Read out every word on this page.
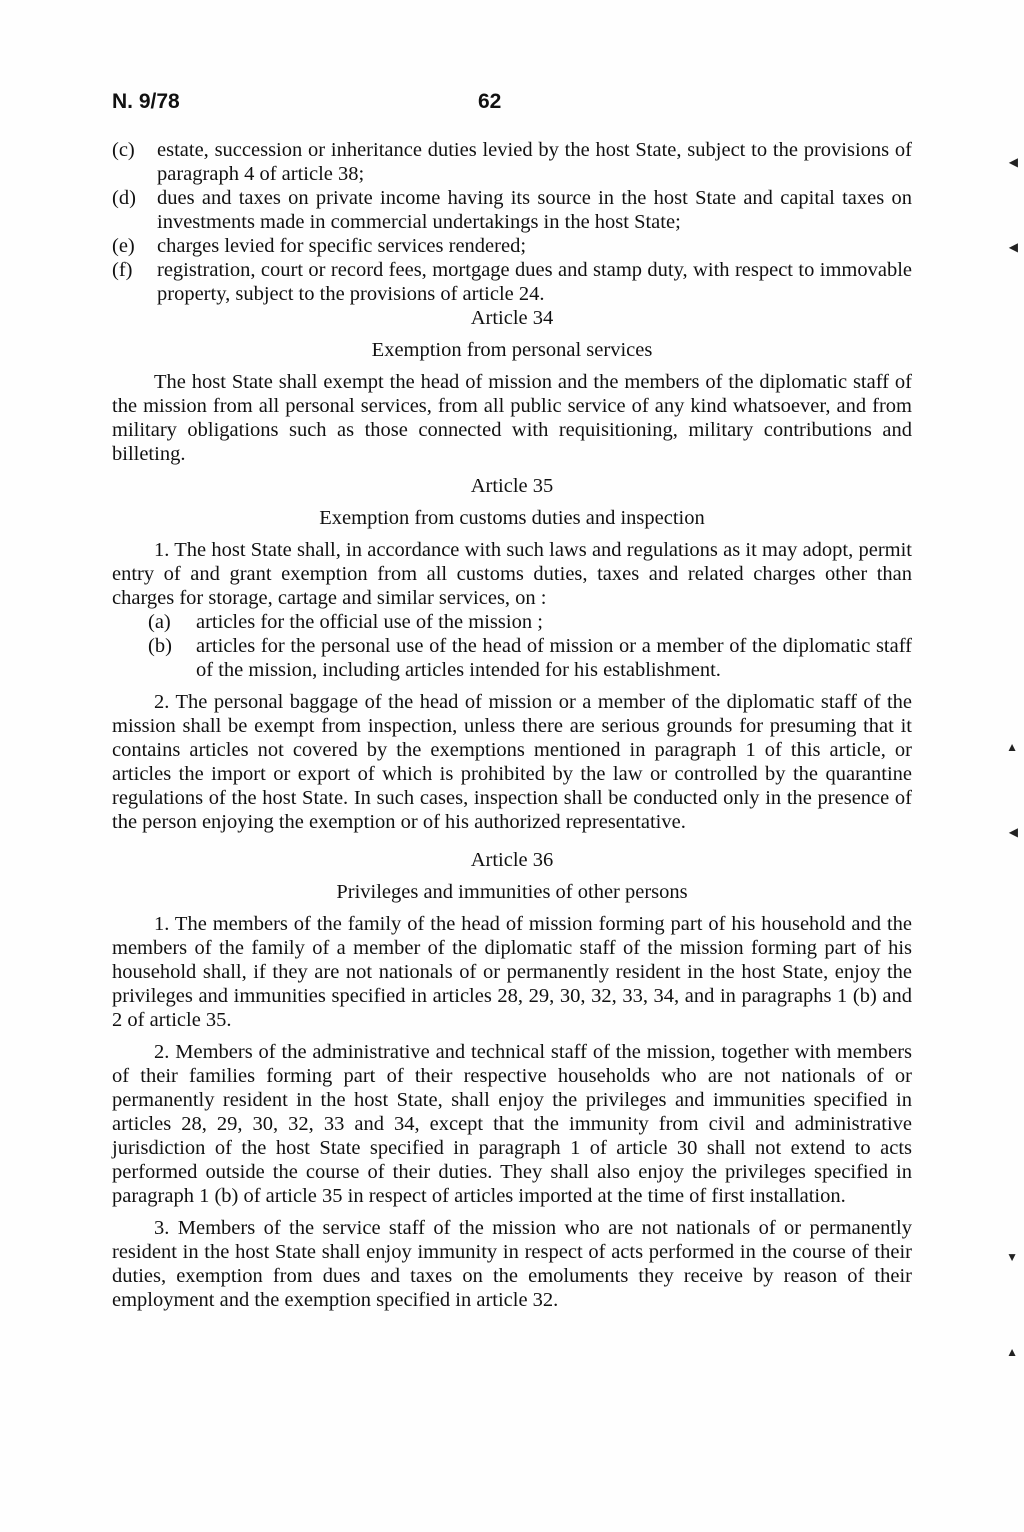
N. 9/78	62
(c) estate, succession or inheritance duties levied by the host State, subject to the provisions of paragraph 4 of article 38;
(d) dues and taxes on private income having its source in the host State and capital taxes on investments made in commercial undertakings in the host State;
(e) charges levied for specific services rendered;
(f) registration, court or record fees, mortgage dues and stamp duty, with respect to immovable property, subject to the provisions of article 24.
Article 34
Exemption from personal services

The host State shall exempt the head of mission and the members of the diplomatic staff of the mission from all personal services, from all public service of any kind whatsoever, and from military obligations such as those connected with requisitioning, military contributions and billeting.

Article 35
Exemption from customs duties and inspection

1. The host State shall, in accordance with such laws and regulations as it may adopt, permit entry of and grant exemption from all customs duties, taxes and related charges other than charges for storage, cartage and similar services, on :

(a) articles for the official use of the mission ;
(b) articles for the personal use of the head of mission or a member of the diplomatic staff of the mission, including articles intended for his establishment.

2. The personal baggage of the head of mission or a member of the diplomatic staff of the mission shall be exempt from inspection, unless there are serious grounds for presuming that it contains articles not covered by the exemptions mentioned in paragraph 1 of this article, or articles the import or export of which is prohibited by the law or controlled by the quarantine regulations of the host State. In such cases, inspection shall be conducted only in the presence of the person enjoying the exemption or of his authorized representative.

Article 36
Privileges and immunities of other persons

1. The members of the family of the head of mission forming part of his household and the members of the family of a member of the diplomatic staff of the mission forming part of his household shall, if they are not nationals of or permanently resident in the host State, enjoy the privileges and immunities specified in articles 28, 29, 30, 32, 33, 34, and in paragraphs 1 (b) and 2 of article 35.

2. Members of the administrative and technical staff of the mission, together with members of their families forming part of their respective households who are not nationals of or permanently resident in the host State, shall enjoy the privileges and immunities specified in articles 28, 29, 30, 32, 33 and 34, except that the immunity from civil and administrative jurisdiction of the host State specified in paragraph 1 of article 30 shall not extend to acts performed outside the course of their duties. They shall also enjoy the privileges specified in paragraph 1 (b) of article 35 in respect of articles imported at the time of first installation.

3. Members of the service staff of the mission who are not nationals of or permanently resident in the host State shall enjoy immunity in respect of acts performed in the course of their duties, exemption from dues and taxes on the emoluments they receive by reason of their employment and the exemption specified in article 32.

◀
◀
▲
◀
▼
▲
